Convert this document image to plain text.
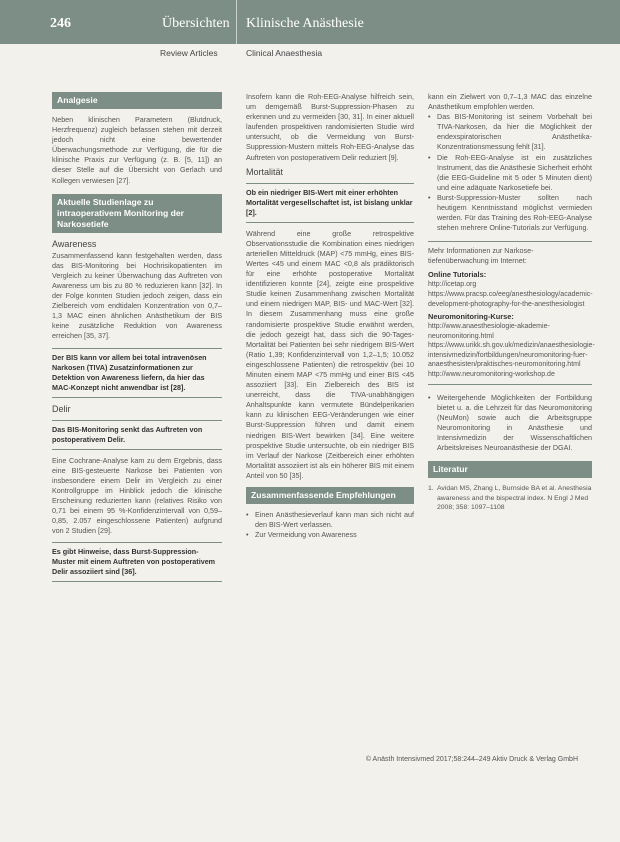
246	Übersichten Klinische Anästhesie
Review Articles	Clinical Anaesthesia
Analgesie

Neben klinischen Parametern (Blutdruck, Herzfrequenz) zugleich befassen stehen mit derzeit jedoch nicht eine bewertender Überwachungsmethode zur Verfügung, die für die klinische Praxis zur Verfügung (z. B. [5, 11]) an dieser Stelle auf die Übersicht von Gerlach und Kollegen verwiesen [27].

Aktuelle Studienlage zu intraoperativem Monitoring der Narkosetiefe
Awareness

Zusammenfassend kann festgehalten werden, dass das BIS-Monitoring bei Hochrisikopatienten im Vergleich zu keiner Überwachung das Auftreten von Awareness um bis zu 80 % reduzieren kann [32]. In der Folge konnten Studien jedoch zeigen, dass ein Zielbereich vom endtidalen Konzentration von 0,7–1,3 MAC einen ähnlichen Anästhetikum der BIS keine zusätzliche Reduktion von Awareness erreichen [35, 37].

Der BIS kann vor allem bei total intravenösen Narkosen (TIVA) Zusatzinformationen zur Detektion von Awareness liefern, da hier das MAC-Konzept nicht anwendbar ist [28].
Delir
Das BIS-Monitoring senkt das Auftreten von postoperativem Delir.

Eine Cochrane-Analyse kam zu dem Ergebnis, dass eine BIS-gesteuerte Narkose bei Patienten von insbesondere einem Delir im Vergleich zu einer Kontrollgruppe im Hinblick jedoch die klinische Erscheinung reduzierten kann (relatives Risiko von 0,71 bei einem 95 %-Konfidenzintervall von 0,59–0,85, 2.057 eingeschlossene Patienten) aufgrund von 2 Studien [29].

Es gibt Hinweise, dass Burst-Suppression-Muster mit einem Auftreten von postoperativem Delir assoziiert sind [36].

Insofern kann die Roh-EEG-Analyse hilfreich sein, um demgemäß Burst-Suppression-Phasen zu erkennen und zu vermeiden [30, 31]. In einer aktuell laufenden prospektiven randomisierten Studie wird untersucht, ob die Vermeidung von Burst-Suppression-Mustern mittels Roh-EEG-Analyse das Auftreten von postoperativem Delir reduziert [9].

Mortalität
Ob ein niedriger BIS-Wert mit einer erhöhten Mortalität vergesellschaftet ist, ist bislang unklar [2].

Während eine große retrospektive Observationsstudie die Kombination eines niedrigen arteriellen Mitteldruck (MAP) <75 mmHg, eines BIS-Wertes <45 und einem MAC <0,8 als prädiktorisch für eine erhöhte postoperative Mortalität identifizieren konnte [24], zeigte eine prospektive Studie keinen Zusammenhang zwischen Mortalität und einem niedrigen MAP, BIS- und MAC-Wert [32]. In diesem Zusammenhang muss eine große randomisierte prospektive Studie erwähnt werden, die jedoch gezeigt hat, dass sich die 90-Tages-Mortalität bei Patienten bei sehr niedrigem BIS-Wert (Ratio 1,39; Konfidenzintervall von 1,2–1,5; 10.052 eingeschlossene Patienten) die retrospektiv (bei 10 Minuten einem MAP <75 mmHg und einer BIS <45 assoziiert [33]. Ein Zielbereich des BIS ist unerreicht, dass die TIVA-unabhängigen Anhaltspunkte kann vermutete Bündelperikarien kann zu klinischen EEG-Veränderungen wie einer Burst-Suppression führen und damit einem niedrigen BIS-Wert bewirken [34]. Eine weitere prospektive Studie untersuchte, ob ein niedriger BIS im Verlauf der Narkose (Zeitbereich einer erhöhten Mortalität assoziiert ist als ein höherer BIS mit einem Anteil von 50 [35].

Zusammenfassende Empfehlungen
• Einen Anästhesieverlauf kann man sich nicht auf den BIS-Wert verlassen.
• Zur Vermeidung von Awareness

kann ein Zielwert von 0,7–1,3 MAC das einzelne Anästhetikum empfohlen werden.

• Das BIS-Monitoring ist seinem Vorbehalt bei TIVA-Narkosen, da hier die Möglichkeit der endexspiratorischen Anästhetika-Konzentrationsmessung fehlt [31].
• Die Roh-EEG-Analyse ist ein zusätzliches Instrument, das die Anästhesie Sicherheit erhöht (die EEG-Guideline mit 5 oder 5 Minuten dient) und eine adäquate Narkosetiefe bei.
• Burst-Suppression-Muster sollten nach heutigem Kenntnisstand möglichst vermieden werden. Für das Training des Roh-EEG-Analyse stehen mehrere Online-Tutorials zur Verfügung.

Mehr Informationen zur Narkose- tiefenüberwachung im Internet:

Online Tutorials:

http://icetap.org

https://www.pracsp.co/eeg/anesthesiology/academic-development-photography-for-the-anesthesiologist

Neuromonitoring-Kurse:

http://www.anaesthesiologie-akademie-neuromonitoring.html

https://www.urikk.sh.gov.uk/medizin/anaesthesiologie-intensivmedizin/fortbildungen/neuromonitoring-fuer-anaesthesisten/praktisches-neuromonitoring.html

http://www.neuromonitoring-workshop.de

• Weitergehende Möglichkeiten der Fortbildung bietet u. a. die Lehrzeit für das Neuromonitoring (NeuMon) sowie auch die Arbeitsgruppe Neuromonitoring in Anästhesie und Intensivmedizin der Wissenschaftlichen Arbeitskreises Neuroanästhesie der DGAI.
Literatur

1. Avidan MS, Zhang L, Burnside BA et al. Anesthesia awareness and the bispectral index. N Engl J Med 2008; 358: 1097–1108

© Anästh Intensivmed 2017;58:244–249 Aktiv Druck & Verlag GmbH
